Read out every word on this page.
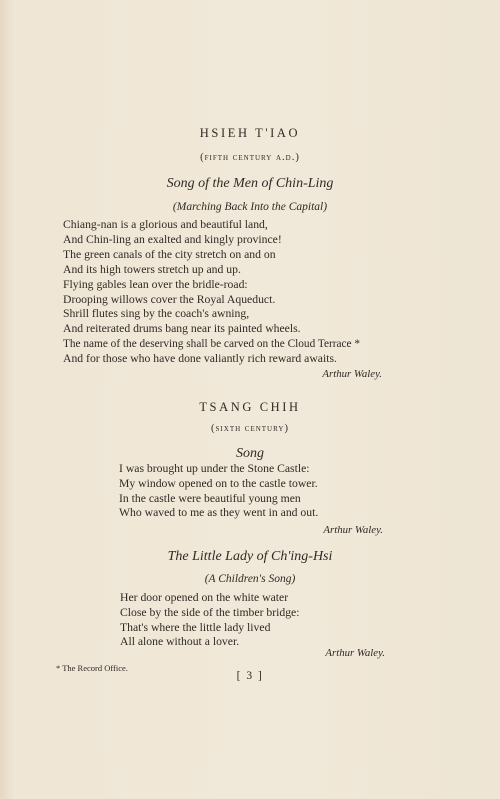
HSIEH T'IAO
(fifth century a.d.)
Song of the Men of Chin-Ling
(Marching Back Into the Capital)
Chiang-nan is a glorious and beautiful land,
And Chin-ling an exalted and kingly province!
The green canals of the city stretch on and on
And its high towers stretch up and up.
Flying gables lean over the bridle-road:
Drooping willows cover the Royal Aqueduct.
Shrill flutes sing by the coach's awning,
And reiterated drums bang near its painted wheels.
The name of the deserving shall be carved on the Cloud Terrace *
And for those who have done valiantly rich reward awaits.
Arthur Waley.
TSANG CHIH
(sixth century)
Song
I was brought up under the Stone Castle:
My window opened on to the castle tower.
In the castle were beautiful young men
Who waved to me as they went in and out.
Arthur Waley.
The Little Lady of Ch'ing-Hsi
(A Children's Song)
Her door opened on the white water
Close by the side of the timber bridge:
That's where the little lady lived
All alone without a lover.
Arthur Waley.
* The Record Office.
[ 3 ]
